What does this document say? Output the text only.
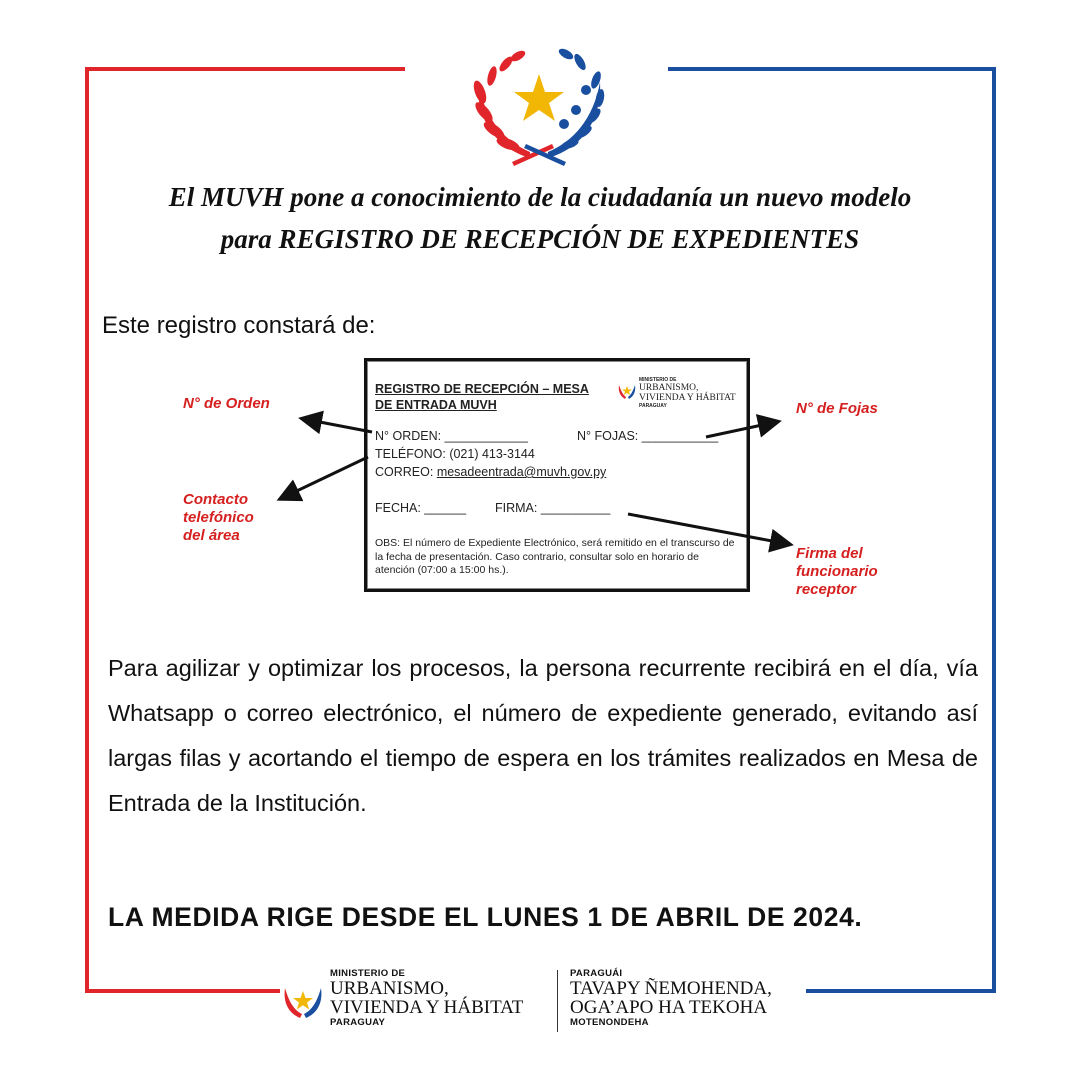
El MUVH pone a conocimiento de la ciudadanía un nuevo modelo
para REGISTRO DE RECEPCIÓN DE EXPEDIENTES
Este registro constará de:
REGISTRO DE RECEPCIÓN – MESA DE ENTRADA MUVH
MINISTERIO DE
URBANISMO,
VIVIENDA Y HÁBITAT
PARAGUAY
N° ORDEN: ____________	N° FOJAS: ___________
TELÉFONO: (021) 413-3144
CORREO: mesadeentrada@muvh.gov.py
FECHA: ______ FIRMA: __________
OBS: El número de Expediente Electrónico, será remitido en el transcurso de la fecha de presentación. Caso contrario, consultar solo en horario de atención (07:00 a 15:00 hs.).
N° de Orden	N° de Fojas
Contacto
telefónico
del área
Firma del
funcionario
receptor
Para agilizar y optimizar los procesos, la persona recurrente recibirá en el día, vía Whatsapp o correo electrónico, el número de expediente generado, evitando así largas filas y acortando el tiempo de espera en los trámites realizados en Mesa de Entrada de la Institución.
LA MEDIDA RIGE DESDE EL LUNES 1 DE ABRIL DE 2024.
MINISTERIO DE
URBANISMO,
VIVIENDA Y HÁBITAT
PARAGUAY
PARAGUÁI
TAVAPY ÑEMOHENDA,
OGA’APO HA TEKOHA
MOTENONDEHA
